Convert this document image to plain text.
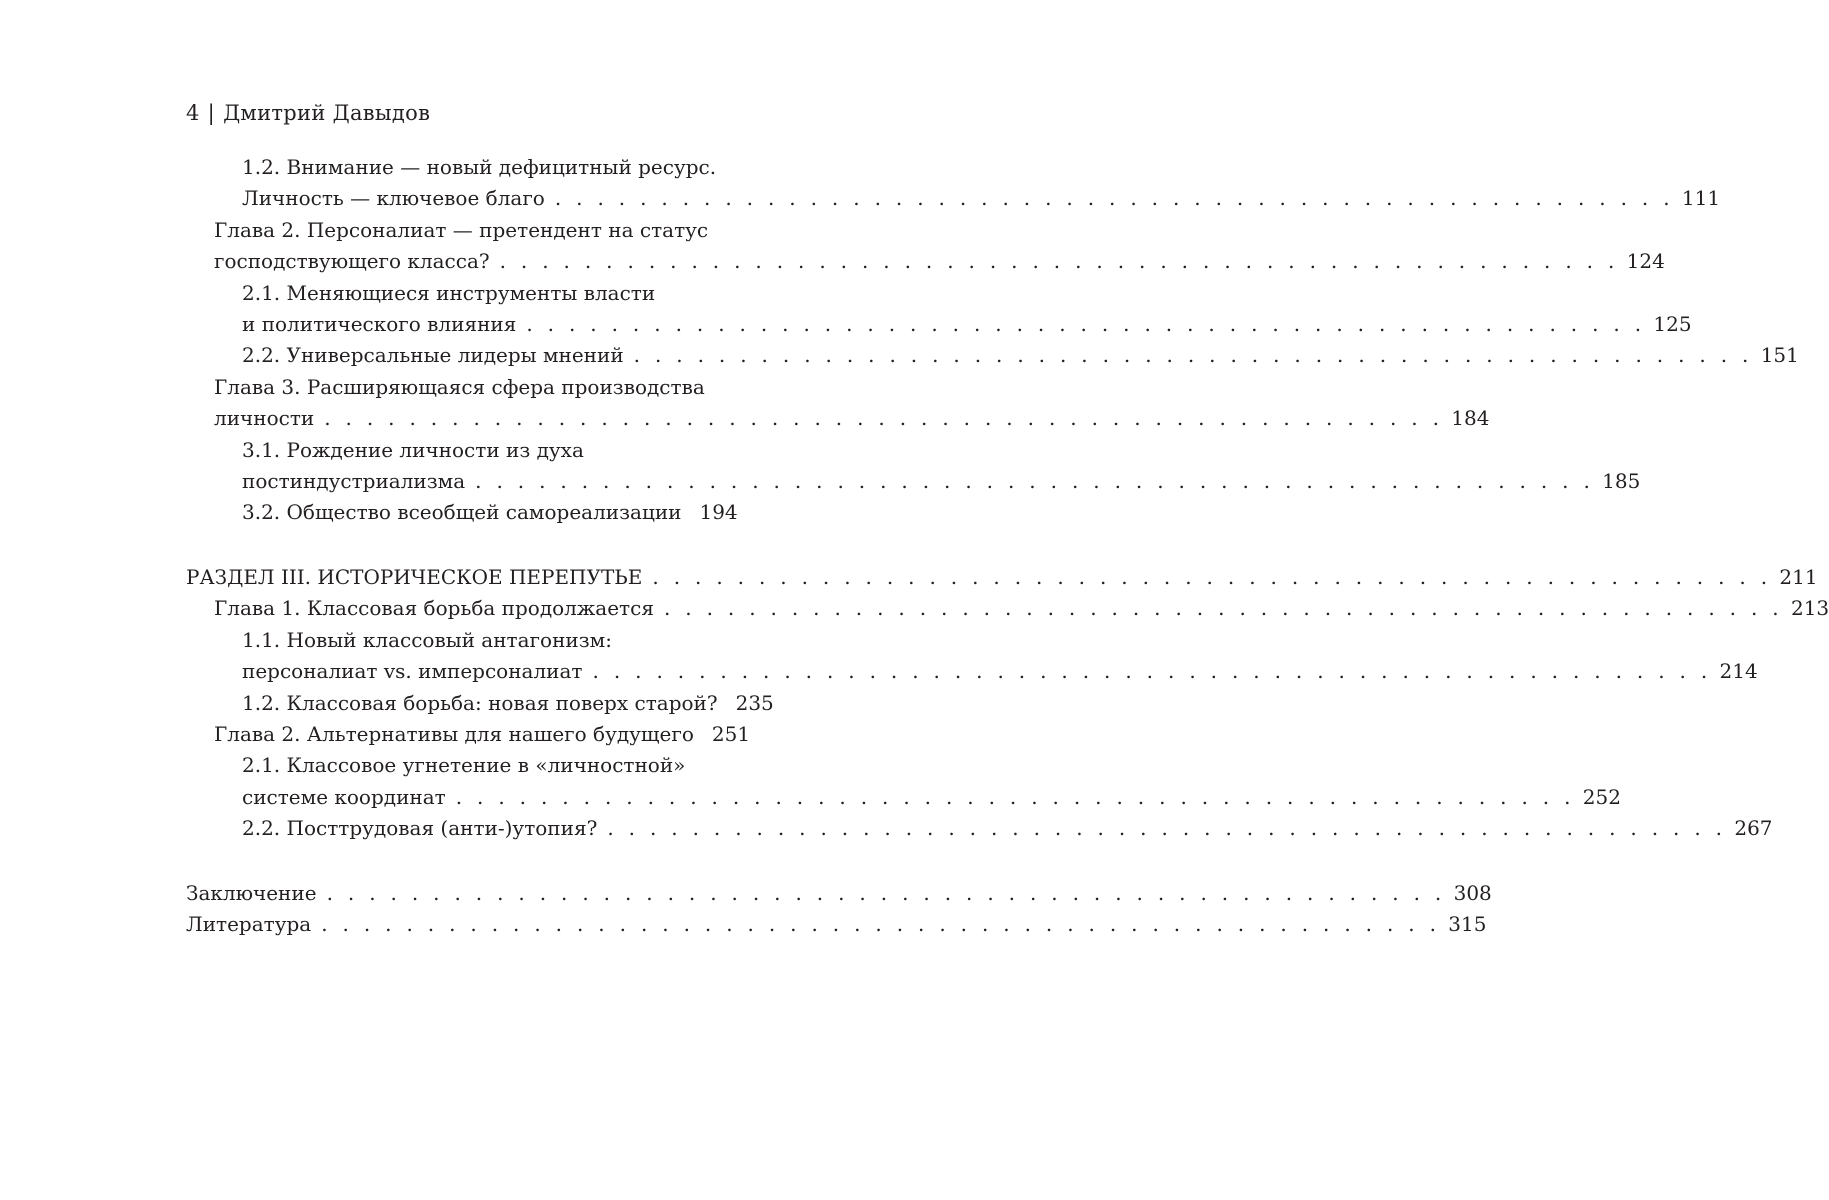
4 | Дмитрий Давыдов
1.2. Внимание — новый дефицитный ресурс.
Личность — ключевое благо . . . . . . . . . . . . . . . . . . . . . . . . . . . . . . . . . . . . . . . . . . . . . . . . . . . . . 111
Глава 2. Персоналиат — претендент на статус
господствующего класса? . . . . . . . . . . . . . . . . . . . . . . . . . . . . . . . . . . . . . . . . . . . . . . . . . . . . . 124
2.1. Меняющиеся инструменты власти
и политического влияния . . . . . . . . . . . . . . . . . . . . . . . . . . . . . . . . . . . . . . . . . . . . . . . . . . . . . 125
2.2. Универсальные лидеры мнений . . . . . . . . . . . . . . . . . . . . . . . . . . . . . . . . . . . . . . . . . . . . . . . . . . . . . 151
Глава 3. Расширяющаяся сфера производства
личности . . . . . . . . . . . . . . . . . . . . . . . . . . . . . . . . . . . . . . . . . . . . . . . . . . . . . 184
3.1. Рождение личности из духа
постиндустриализма . . . . . . . . . . . . . . . . . . . . . . . . . . . . . . . . . . . . . . . . . . . . . . . . . . . . . 185
3.2. Общество всеобщей самореализации 194
РАЗДЕЛ III. ИСТОРИЧЕСКОЕ ПЕРЕПУТЬЕ . . . . . . . . . . . . . . . . . . . . . . . . . . . . . . . . . . . . . . . . . . . . . . . . . . . . . 211
Глава 1. Классовая борьба продолжается . . . . . . . . . . . . . . . . . . . . . . . . . . . . . . . . . . . . . . . . . . . . . . . . . . . . . 213
1.1. Новый классовый антагонизм:
персоналиат vs. имперсоналиат . . . . . . . . . . . . . . . . . . . . . . . . . . . . . . . . . . . . . . . . . . . . . . . . . . . . . 214
1.2. Классовая борьба: новая поверх старой? 235
Глава 2. Альтернативы для нашего будущего 251
2.1. Классовое угнетение в «личностной»
системе координат . . . . . . . . . . . . . . . . . . . . . . . . . . . . . . . . . . . . . . . . . . . . . . . . . . . . . 252
2.2. Посттрудовая (анти-)утопия? . . . . . . . . . . . . . . . . . . . . . . . . . . . . . . . . . . . . . . . . . . . . . . . . . . . . . 267
Заключение . . . . . . . . . . . . . . . . . . . . . . . . . . . . . . . . . . . . . . . . . . . . . . . . . . . . . 308
Литература . . . . . . . . . . . . . . . . . . . . . . . . . . . . . . . . . . . . . . . . . . . . . . . . . . . . . 315
